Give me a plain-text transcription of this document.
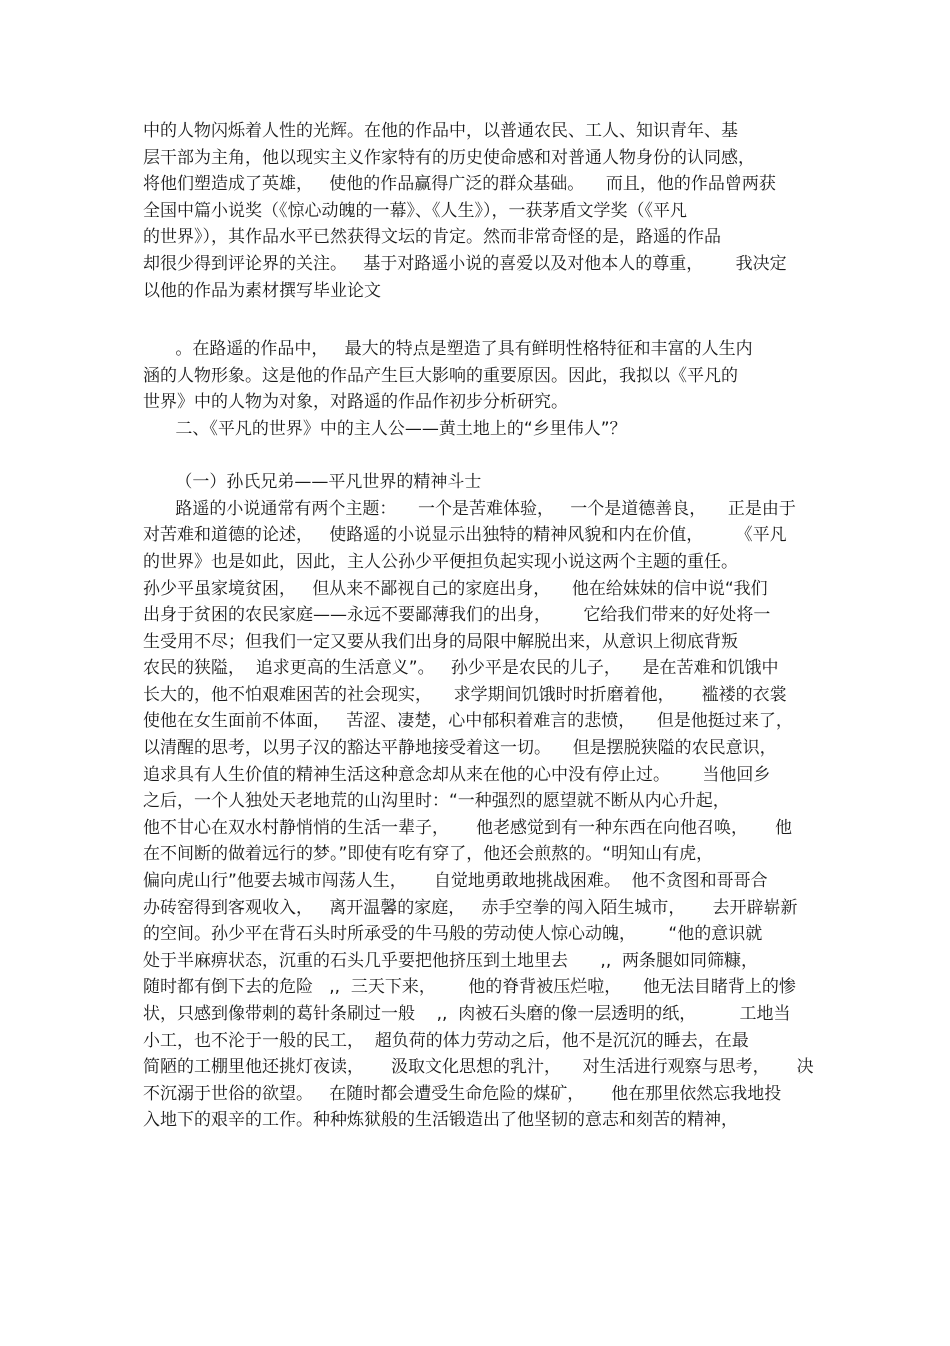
中的人物闪烁着人性的光辉。在他的作品中，以普通农民、工人、知识青年、基
层干部为主角，他以现实主义作家特有的历史使命感和对普通人物身份的认同感，
将他们塑造成了英雄，   使他的作品赢得广泛的群众基础。    而且，他的作品曾两获
全国中篇小说奖（《惊心动魄的一幕》、《人生》），一获茅盾文学奖（《平凡
的世界》），其作品水平已然获得文坛的肯定。然而非常奇怪的是，路遥的作品
却很少得到评论界的关注。   基于对路遥小说的喜爱以及对他本人的尊重，      我决定
以他的作品为素材撰写毕业论文
。在路遥的作品中，   最大的特点是塑造了具有鲜明性格特征和丰富的人生内
涵的人物形象。这是他的作品产生巨大影响的重要原因。因此，我拟以《平凡的
世界》中的人物为对象，对路遥的作品作初步分析研究。
二、《平凡的世界》中的主人公——黄土地上的“乡里伟人”？
（一）孙氏兄弟——平凡世界的精神斗士
路遥的小说通常有两个主题：    一个是苦难体验，   一个是道德善良，    正是由于
对苦难和道德的论述，   使路遥的小说显示出独特的精神风貌和内在价值，      《平凡
的世界》也是如此，因此，主人公孙少平便担负起实现小说这两个主题的重任。
孙少平虽家境贫困，   但从来不鄙视自己的家庭出身，    他在给妹妹的信中说“我们
出身于贫困的农民家庭——永远不要鄙薄我们的出身，      它给我们带来的好处将一
生受用不尽；但我们一定又要从我们出身的局限中解脱出来，从意识上彻底背叛
农民的狭隘，  追求更高的生活意义”。   孙少平是农民的儿子，    是在苦难和饥饿中
长大的，他不怕艰难困苦的社会现实，    求学期间饥饿时时折磨着他，     褴褛的衣裳
使他在女生面前不体面，   苦涩、凄楚，心中郁积着难言的悲愤，    但是他挺过来了，
以清醒的思考，以男子汉的豁达平静地接受着这一切。    但是摆脱狭隘的农民意识，
追求具有人生价值的精神生活这种意念却从来在他的心中没有停止过。      当他回乡
之后，一个人独处天老地荒的山沟里时：“一种强烈的愿望就不断从内心升起，
他不甘心在双水村静悄悄的生活一辈子，     他老感觉到有一种东西在向他召唤，     他
在不间断的做着远行的梦。”即使有吃有穿了，他还会煎熬的。“明知山有虎，
偏向虎山行”他要去城市闯荡人生，     自觉地勇敢地挑战困难。  他不贪图和哥哥合
办砖窑得到客观收入，   离开温馨的家庭，   赤手空拳的闯入陌生城市，     去开辟崭新
的空间。孙少平在背石头时所承受的牛马般的劳动使人惊心动魄，      “他的意识就
处于半麻痹状态，沉重的石头几乎要把他挤压到土地里去      ,,  两条腿如同筛糠，
随时都有倒下去的危险   ,,  三天下来，      他的脊背被压烂啦，    他无法目睹背上的惨
状，只感到像带刺的葛针条刷过一般    ,,  肉被石头磨的像一层透明的纸，        工地当
小工，也不沦于一般的民工，  超负荷的体力劳动之后，他不是沉沉的睡去，在最
简陋的工棚里他还挑灯夜读，     汲取文化思想的乳汁，    对生活进行观察与思考，     决
不沉溺于世俗的欲望。   在随时都会遭受生命危险的煤矿，     他在那里依然忘我地投
入地下的艰辛的工作。种种炼狱般的生活锻造出了他坚韧的意志和刻苦的精神，
